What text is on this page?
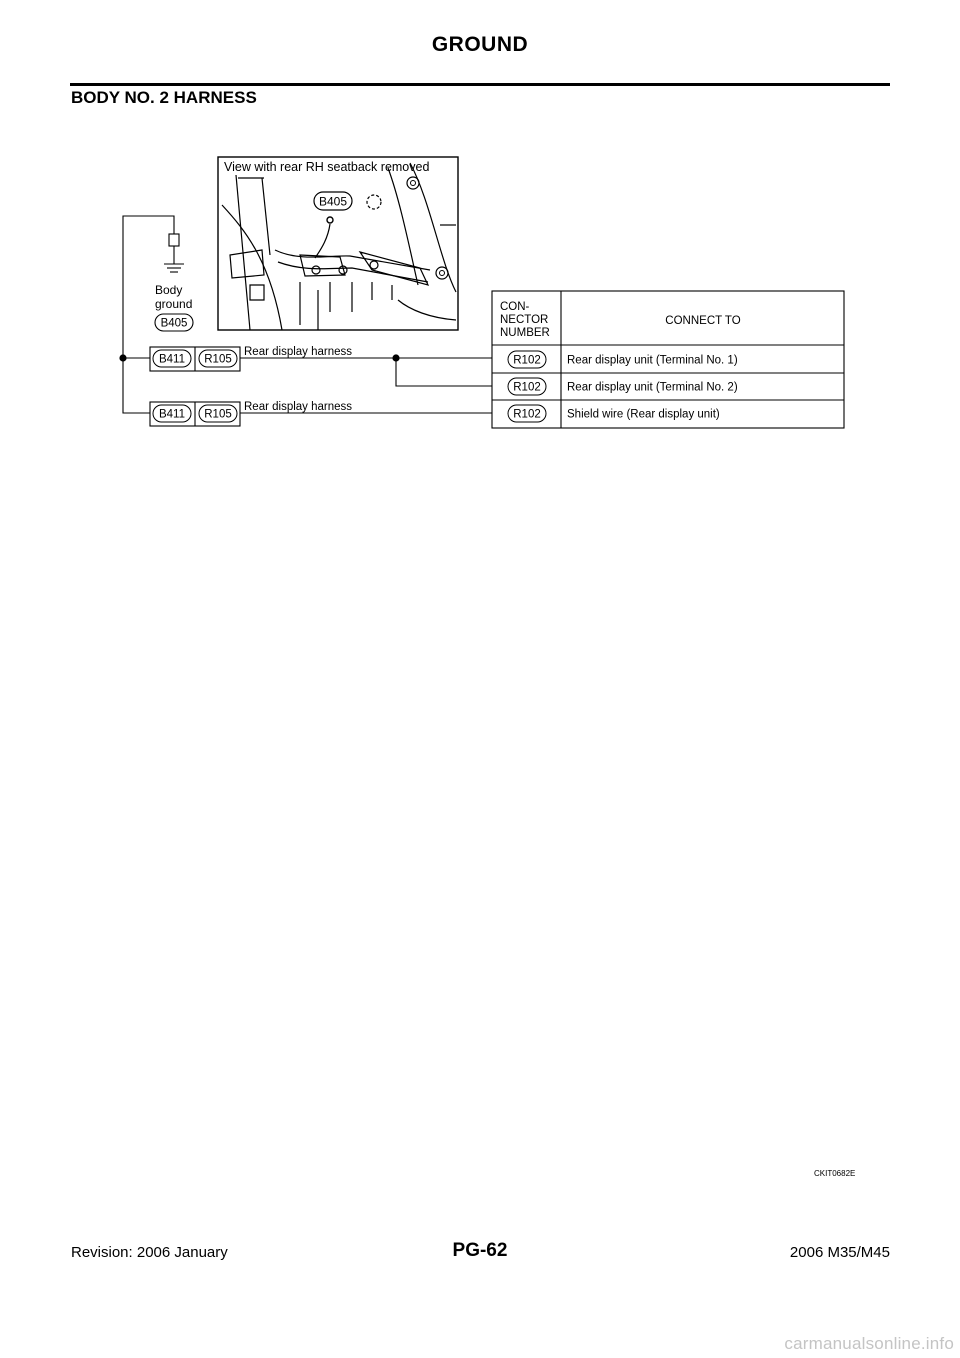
GROUND
BODY NO. 2 HARNESS
View with rear RH seatback removed
B405
Body
ground
B405
B411 R105
Rear display harness
B411 R105
Rear display harness
CON-
NECTOR
NUMBER
CONNECT TO
R102 Rear display unit (Terminal No. 1)
R102 Rear display unit (Terminal No. 2)
R102 Shield wire (Rear display unit)
CKIT0682E
Revision: 2006 January	PG-62	2006 M35/M45
carmanualsonline.info
